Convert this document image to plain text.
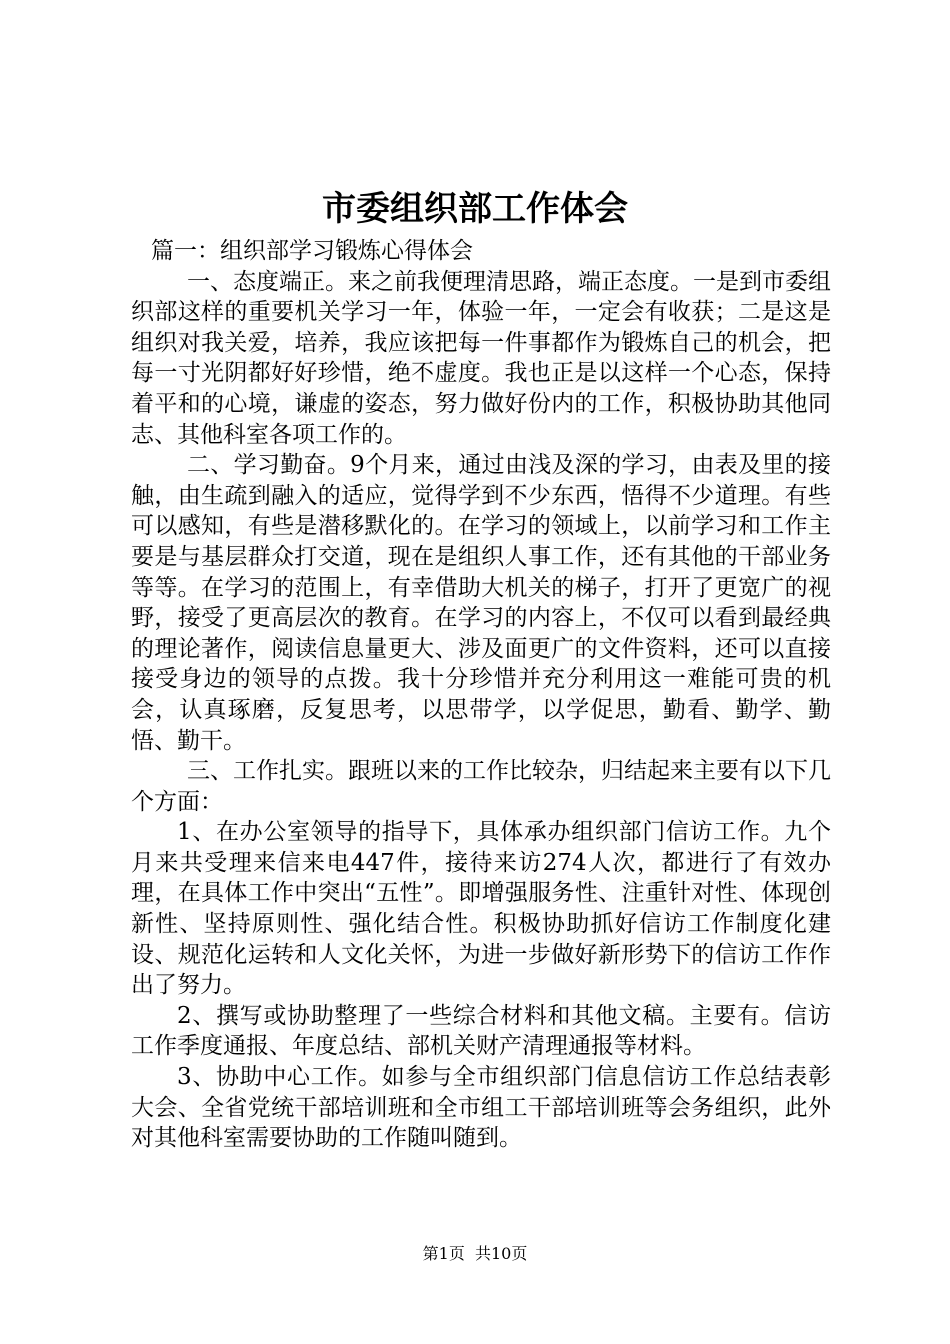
市委组织部工作体会

篇一：组织部学习锻炼心得体会

一、态度端正。来之前我便理清思路，端正态度。一是到市委组织部这样的重要机关学习一年，体验一年，一定会有收获；二是这是组织对我关爱，培养，我应该把每一件事都作为锻炼自己的机会，把每一寸光阴都好好珍惜，绝不虚度。我也正是以这样一个心态，保持着平和的心境，谦虚的姿态，努力做好份内的工作，积极协助其他同志、其他科室各项工作的。

二、学习勤奋。9个月来，通过由浅及深的学习，由表及里的接触，由生疏到融入的适应，觉得学到不少东西，悟得不少道理。有些可以感知，有些是潜移默化的。在学习的领域上，以前学习和工作主要是与基层群众打交道，现在是组织人事工作，还有其他的干部业务等等。在学习的范围上，有幸借助大机关的梯子，打开了更宽广的视野，接受了更高层次的教育。在学习的内容上，不仅可以看到最经典的理论著作，阅读信息量更大、涉及面更广的文件资料，还可以直接接受身边的领导的点拨。我十分珍惜并充分利用这一难能可贵的机会，认真琢磨，反复思考，以思带学，以学促思，勤看、勤学、勤悟、勤干。

三、工作扎实。跟班以来的工作比较杂，归结起来主要有以下几个方面：

1、在办公室领导的指导下，具体承办组织部门信访工作。九个月来共受理来信来电447件，接待来访274人次，都进行了有效办理，在具体工作中突出“五性”。即增强服务性、注重针对性、体现创新性、坚持原则性、强化结合性。积极协助抓好信访工作制度化建设、规范化运转和人文化关怀，为进一步做好新形势下的信访工作作出了努力。

2、撰写或协助整理了一些综合材料和其他文稿。主要有。信访工作季度通报、年度总结、部机关财产清理通报等材料。

3、协助中心工作。如参与全市组织部门信息信访工作总结表彰大会、全省党统干部培训班和全市组工干部培训班等会务组织，此外对其他科室需要协助的工作随叫随到。

第1页  共10页
